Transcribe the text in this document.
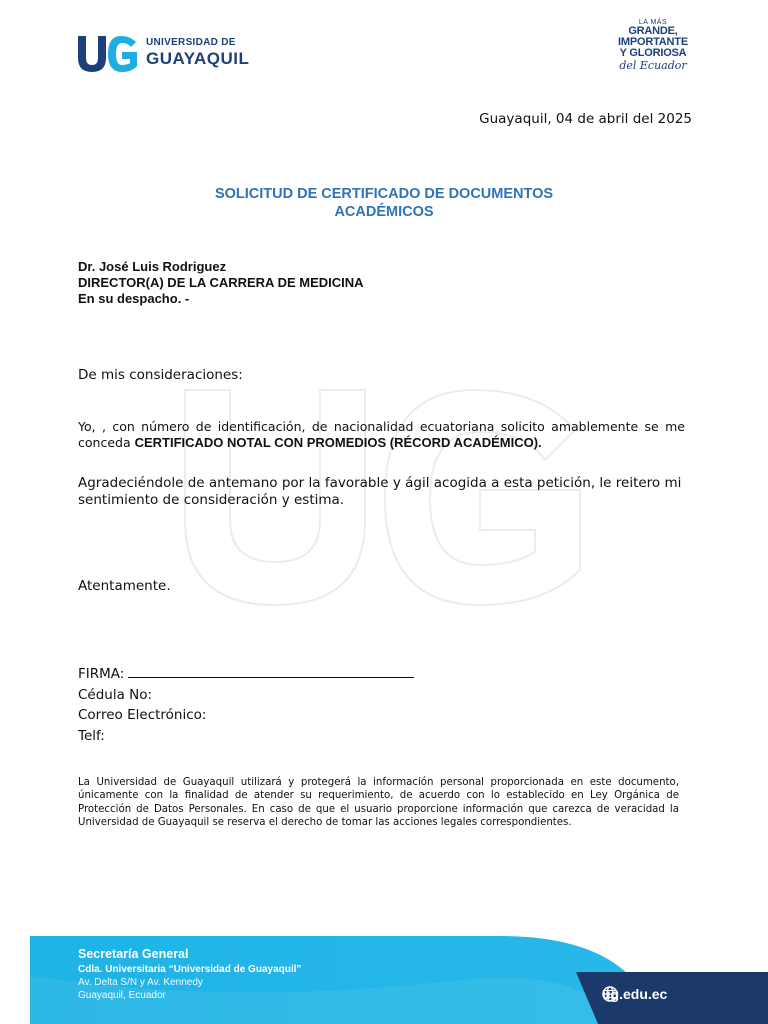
UNIVERSIDAD DE
GUAYAQUIL
LA MÁS
GRANDE,
IMPORTANTE
Y GLORIOSA
del Ecuador
Guayaquil, 04 de abril del 2025
SOLICITUD DE CERTIFICADO DE DOCUMENTOS
ACADÉMICOS
Dr. José Luis Rodriguez
DIRECTOR(A) DE LA CARRERA DE MEDICINA
En su despacho. -
De mis consideraciones:
Yo, , con número de identificación, de nacionalidad ecuatoriana solicito amablemente se me conceda CERTIFICADO NOTAL CON PROMEDIOS (RÉCORD ACADÉMICO).
Agradeciéndole de antemano por la favorable y ágil acogida a esta petición, le reitero mi sentimiento de consideración y estima.
Atentamente.
FIRMA:
Cédula No:
Correo Electrónico:
Telf:
La Universidad de Guayaquil utilizará y protegerá la información personal proporcionada en este documento, únicamente con la finalidad de atender su requerimiento, de acuerdo con lo establecido en Ley Orgánica de Protección de Datos Personales. En caso de que el usuario proporcione información que carezca de veracidad la Universidad de Guayaquil se reserva el derecho de tomar las acciones legales correspondientes.
Secretaría General
Cdla. Universitaria “Universidad de Guayaquil”
Av. Delta S/N y Av. Kennedy
Guayaquil, Ecuador	ug.edu.ec
